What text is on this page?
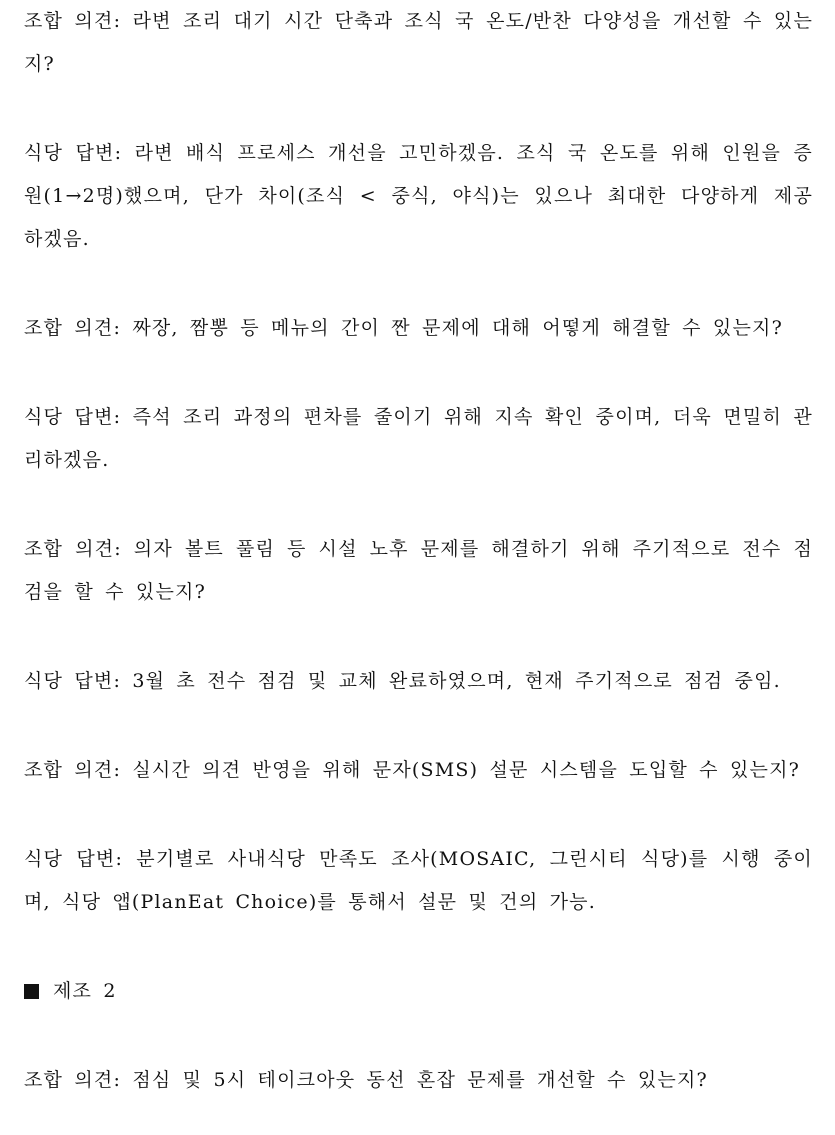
조합 의견: 라변 조리 대기 시간 단축과 조식 국 온도/반찬 다양성을 개선할 수 있는지?

식당 답변: 라변 배식 프로세스 개선을 고민하겠음. 조식 국 온도를 위해 인원을 증원(1→2명)했으며, 단가 차이(조식 < 중식, 야식)는 있으나 최대한 다양하게 제공 하겠음.

조합 의견: 짜장, 짬뽕 등 메뉴의 간이 짠 문제에 대해 어떻게 해결할 수 있는지?

식당 답변: 즉석 조리 과정의 편차를 줄이기 위해 지속 확인 중이며, 더욱 면밀히 관리하겠음.

조합 의견: 의자 볼트 풀림 등 시설 노후 문제를 해결하기 위해 주기적으로 전수 점검을 할 수 있는지?

식당 답변: 3월 초 전수 점검 및 교체 완료하였으며, 현재 주기적으로 점검 중임.

조합 의견: 실시간 의견 반영을 위해 문자(SMS) 설문 시스템을 도입할 수 있는지?

식당 답변: 분기별로 사내식당 만족도 조사(MOSAIC, 그린시티 식당)를 시행 중이며, 식당 앱(PlanEat Choice)를 통해서 설문 및 건의 가능.

제조 2

조합 의견: 점심 및 5시 테이크아웃 동선 혼잡 문제를 개선할 수 있는지?
